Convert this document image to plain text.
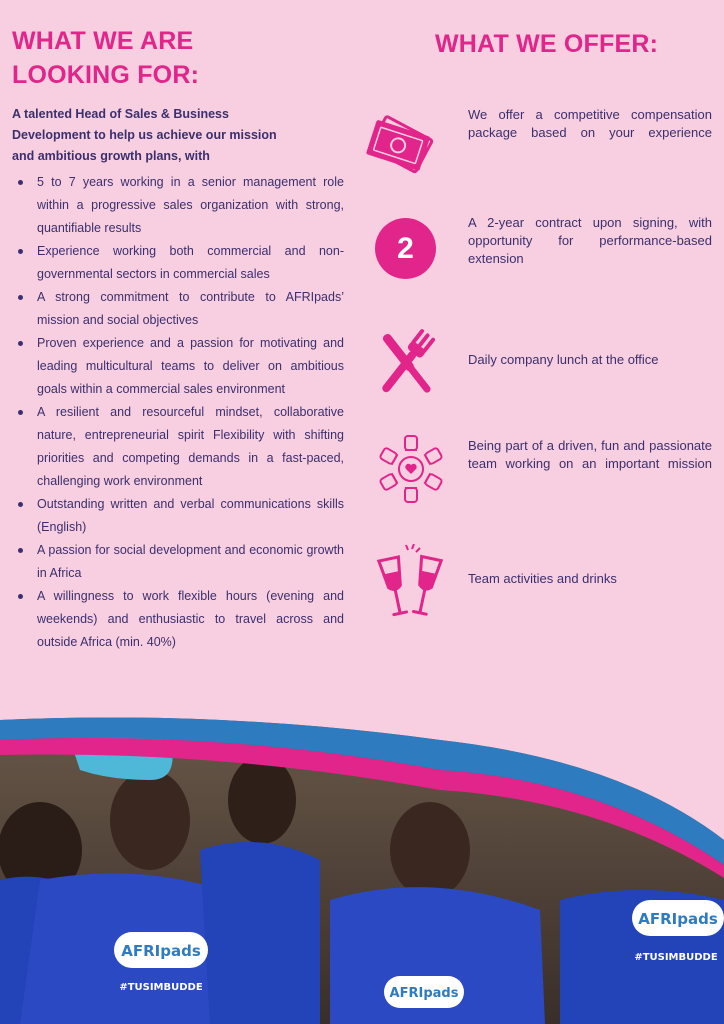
WHAT WE ARE
LOOKING FOR:
A talented Head of Sales & Business
Development to help us achieve our mission
and ambitious growth plans, with
5 to 7 years working in a senior management role within a progressive sales organization with strong, quantifiable results
Experience working both commercial and non-governmental sectors in commercial sales
A strong commitment to contribute to AFRIpads’ mission and social objectives
Proven experience and a passion for motivating and leading multicultural teams to deliver on ambitious goals within a commercial sales environment
A resilient and resourceful mindset, collaborative nature, entrepreneurial spirit Flexibility with shifting priorities and competing demands in a fast-paced, challenging work environment
Outstanding written and verbal communications skills (English)
A passion for social development and economic growth in Africa
A willingness to work flexible hours (evening and weekends) and enthusiastic to travel across and outside Africa (min. 40%)
WHAT WE OFFER:
We offer a competitive compensation package based on your experience
2
A 2-year contract upon signing, with opportunity for performance-based extension
Daily company lunch at the office
Being part of a driven, fun and passionate team working on an important mission
Team activities and drinks
AFRIpads
#TUSIMBUDDE
AFRIpads
#TUSIMBUDDE
AFRIpads
